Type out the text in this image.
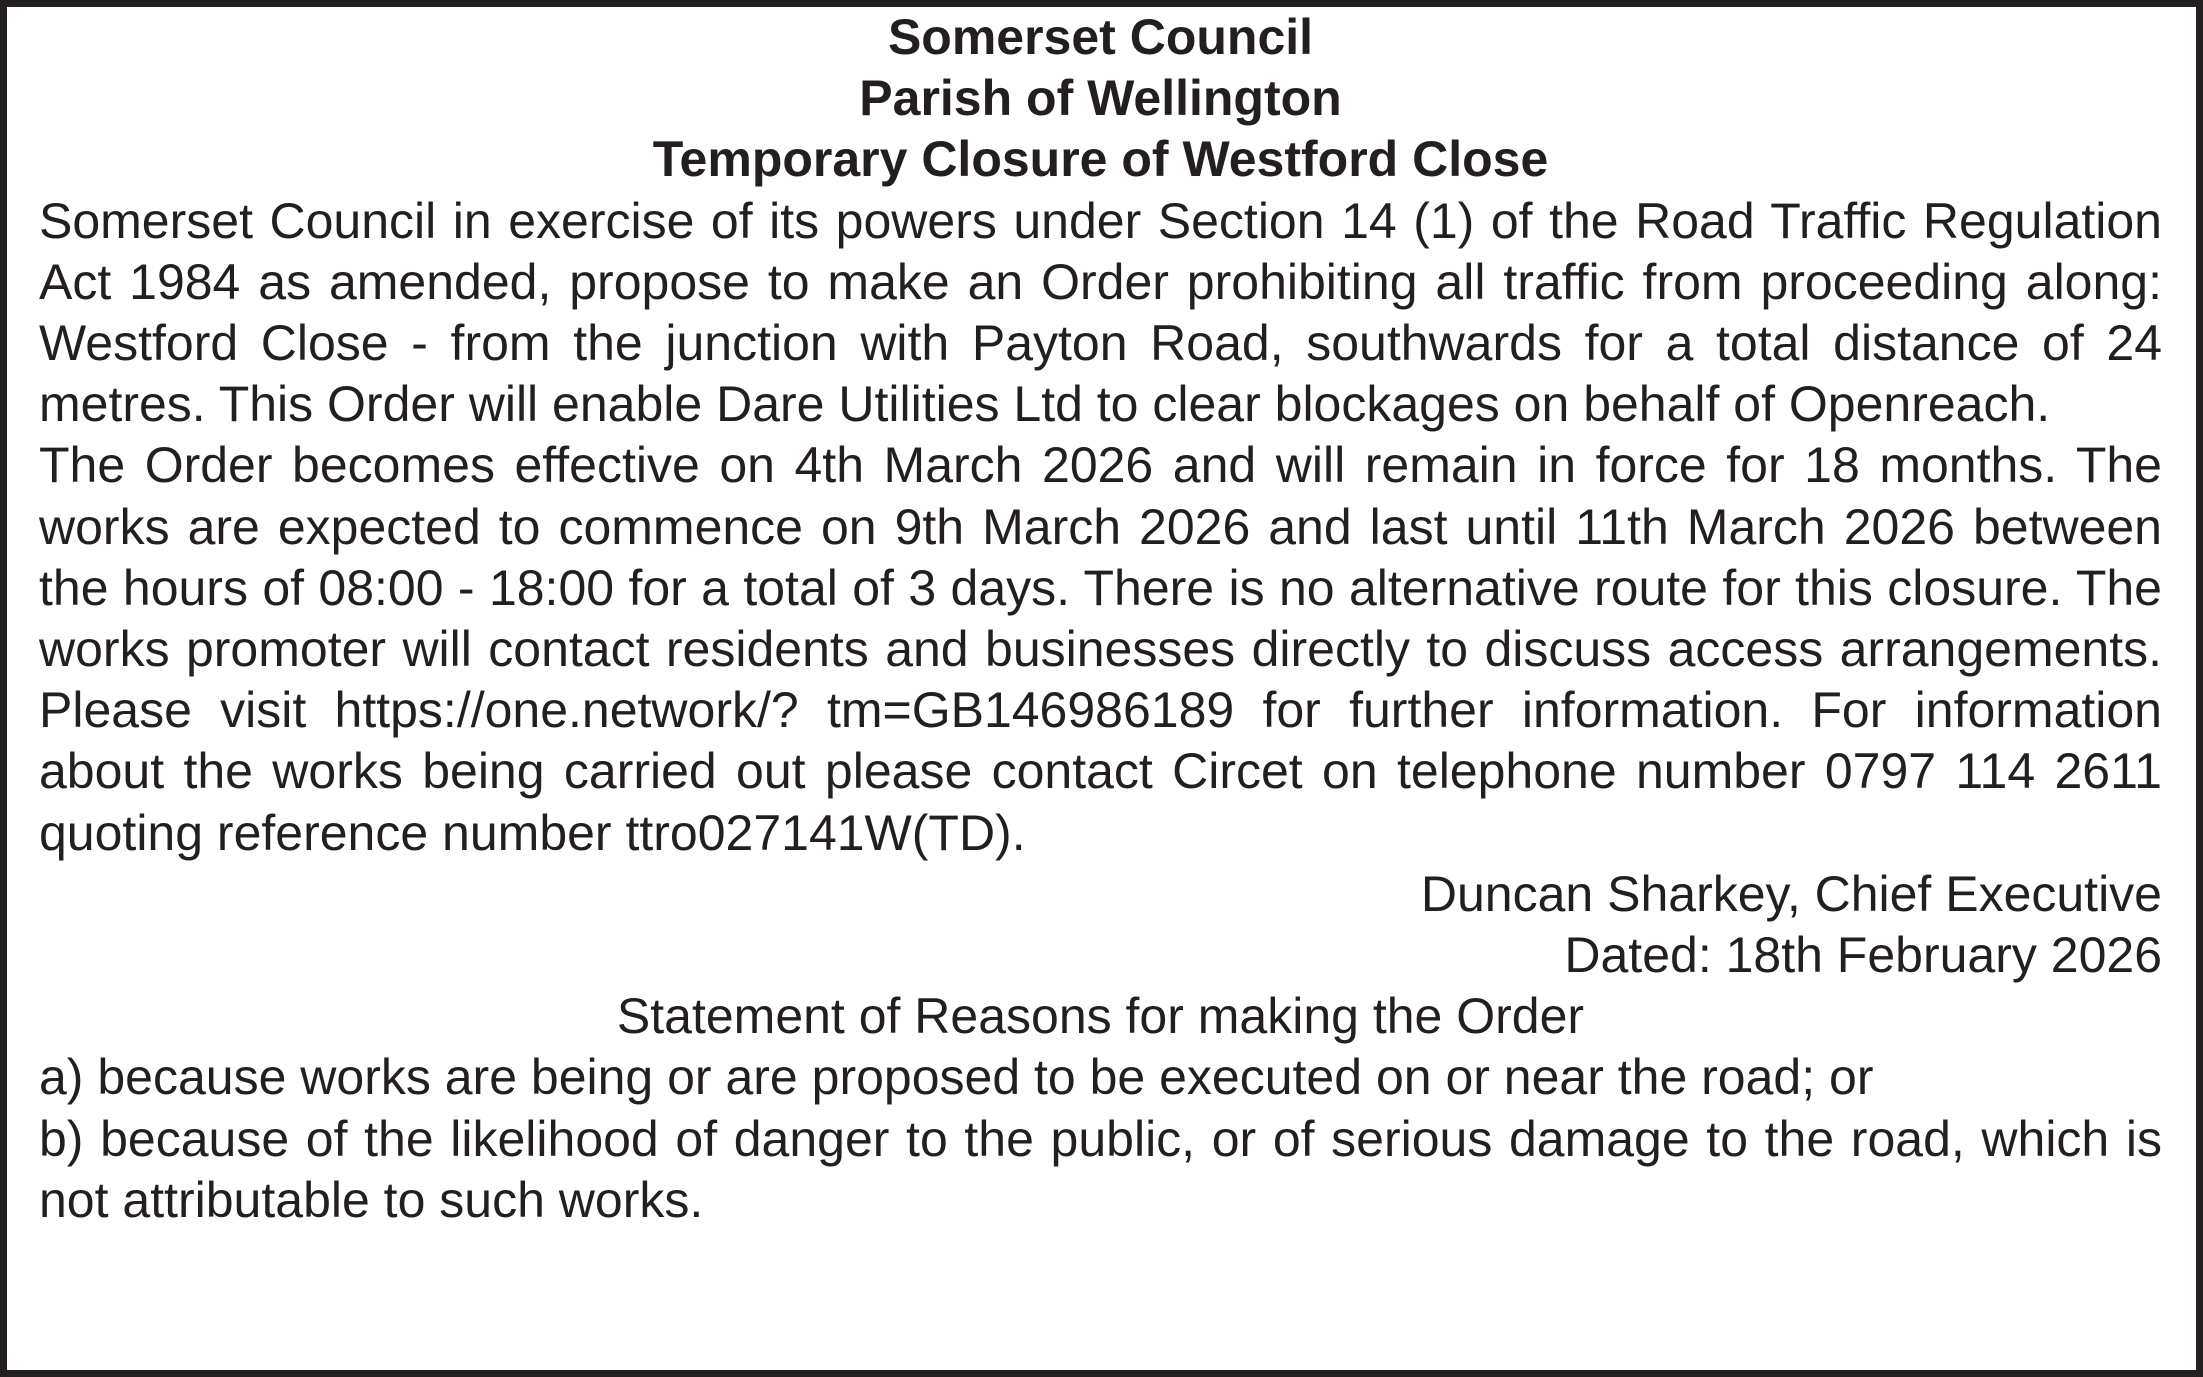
Somerset Council

Parish of Wellington

Temporary Closure of Westford Close

Somerset Council in exercise of its powers under Section 14 (1) of the Road Traffic Regulation Act 1984 as amended, propose to make an Order prohibiting all traffic from proceeding along: Westford Close - from the junction with Payton Road, southwards for a total distance of 24 metres. This Order will enable Dare Utilities Ltd to clear blockages on behalf of Openreach.

The Order becomes effective on 4th March 2026 and will remain in force for 18 months. The works are expected to commence on 9th March 2026 and last until 11th March 2026 between the hours of 08:00 - 18:00 for a total of 3 days. There is no alternative route for this closure. The works promoter will contact residents and businesses directly to discuss access arrangements. Please visit https://one.network/? tm=GB146986189 for further information. For information about the works being carried out please contact Circet on telephone number 0797 114 2611 quoting reference number ttro027141W(TD).

Duncan Sharkey, Chief Executive

Dated: 18th February 2026

Statement of Reasons for making the Order

a) because works are being or are proposed to be executed on or near the road; or

b) because of the likelihood of danger to the public, or of serious damage to the road, which is not attributable to such works.
